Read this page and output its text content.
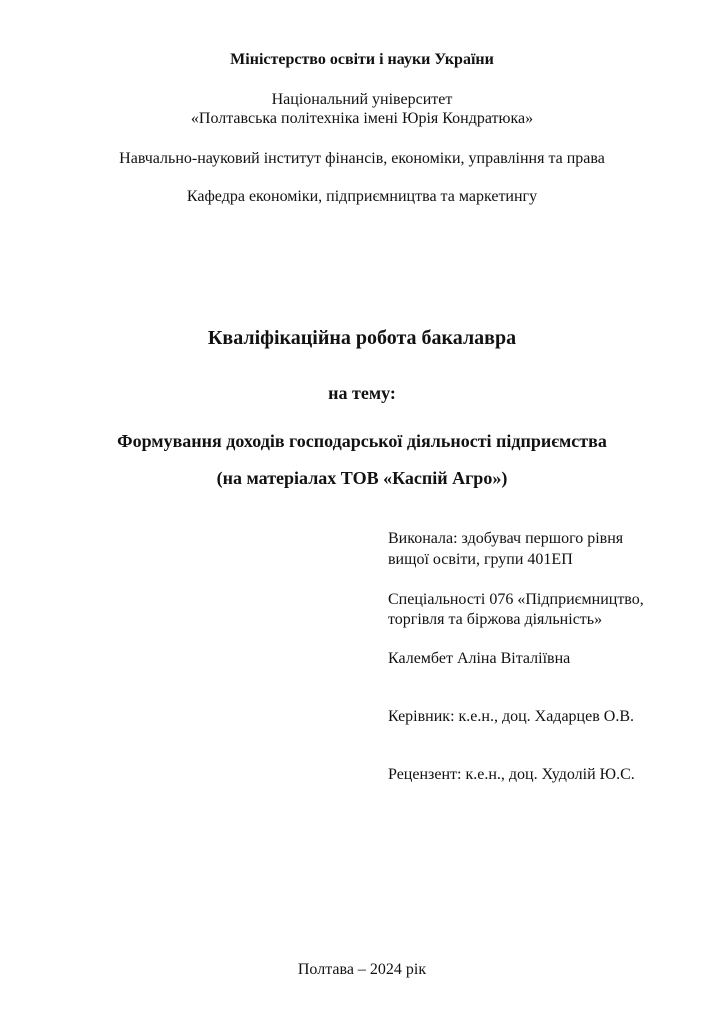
Міністерство освіти і науки України
Національний університет
«Полтавська політехніка імені Юрія Кондратюка»
Навчально-науковий інститут фінансів, економіки, управління та права
Кафедра економіки, підприємництва та маркетингу
Кваліфікаційна робота бакалавра
на тему:
Формування доходів господарської діяльності підприємства
(на матеріалах ТОВ «Каспій Агро»)
Виконала: здобувач першого рівня
вищої освіти, групи 401ЕП
Спеціальності 076 «Підприємництво,
торгівля та біржова діяльність»
Калембет Аліна Віталіївна
Керівник: к.е.н., доц. Хадарцев О.В.
Рецензент: к.е.н., доц. Худолій Ю.С.
Полтава – 2024 рік
